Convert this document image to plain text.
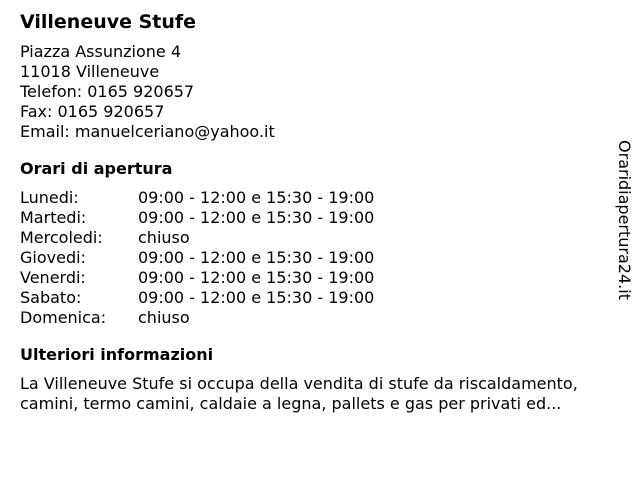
Villeneuve Stufe
Piazza Assunzione 4
11018 Villeneuve
Telefon: 0165 920657
Fax: 0165 920657
Email: manuelceriano@yahoo.it
Orari di apertura
Lunedi:	09:00 - 12:00 e 15:30 - 19:00
Martedi:	09:00 - 12:00 e 15:30 - 19:00
Mercoledi: chiuso
Giovedi:	09:00 - 12:00 e 15:30 - 19:00
Venerdi:	09:00 - 12:00 e 15:30 - 19:00
Sabato:	09:00 - 12:00 e 15:30 - 19:00
Domenica: chiuso
Ulteriori informazioni
La Villeneuve Stufe si occupa della vendita di stufe da riscaldamento, camini, termo camini, caldaie a legna, pallets e gas per privati ed...
Oraridiapertura24.it
